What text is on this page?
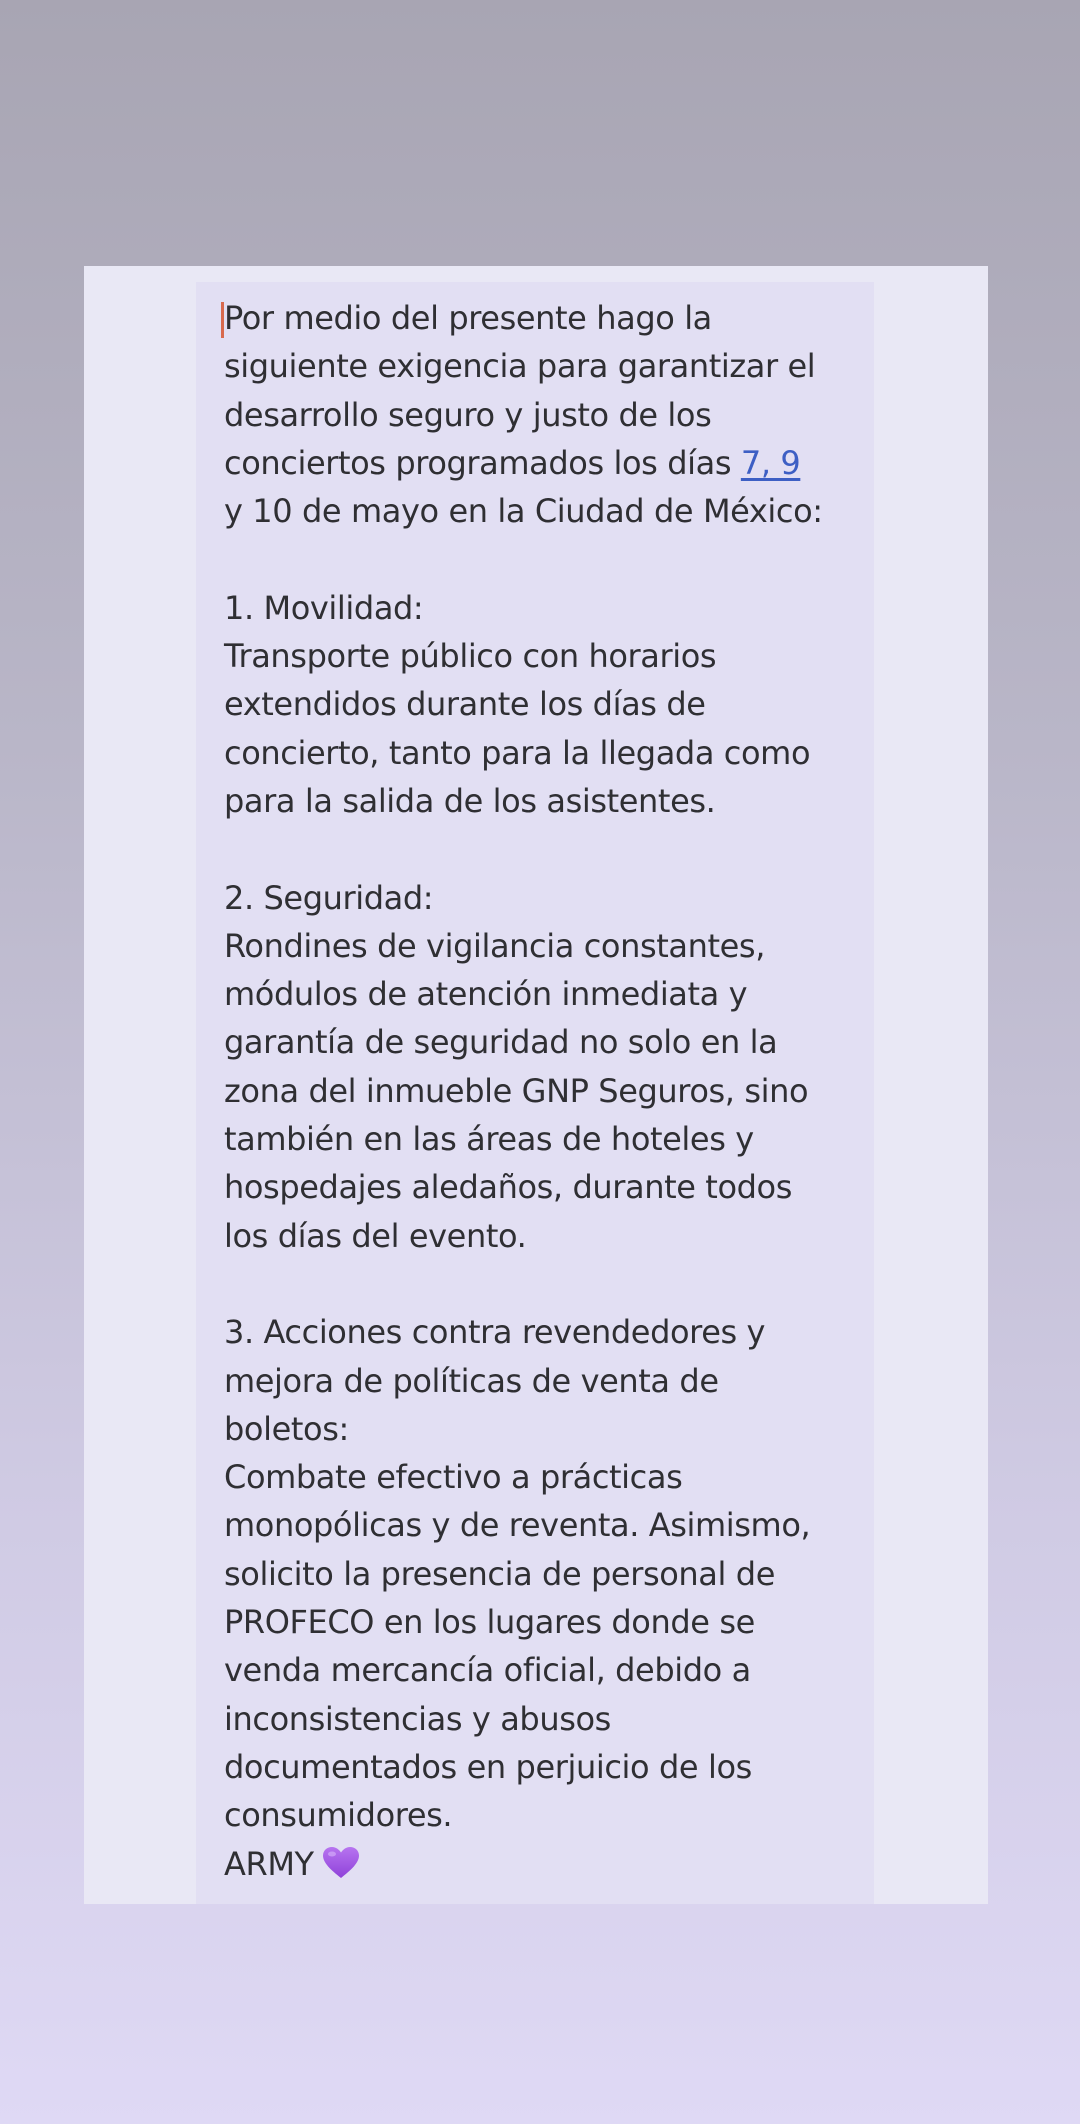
Por medio del presente hago la
siguiente exigencia para garantizar el
desarrollo seguro y justo de los
conciertos programados los días 7, 9
y 10 de mayo en la Ciudad de México:
1. Movilidad:
Transporte público con horarios
extendidos durante los días de
concierto, tanto para la llegada como
para la salida de los asistentes.
2. Seguridad:
Rondines de vigilancia constantes,
módulos de atención inmediata y
garantía de seguridad no solo en la
zona del inmueble GNP Seguros, sino
también en las áreas de hoteles y
hospedajes aledaños, durante todos
los días del evento.
3. Acciones contra revendedores y
mejora de políticas de venta de
boletos:
Combate efectivo a prácticas
monopólicas y de reventa. Asimismo,
solicito la presencia de personal de
PROFECO en los lugares donde se
venda mercancía oficial, debido a
inconsistencias y abusos
documentados en perjuicio de los
consumidores.
ARMY
